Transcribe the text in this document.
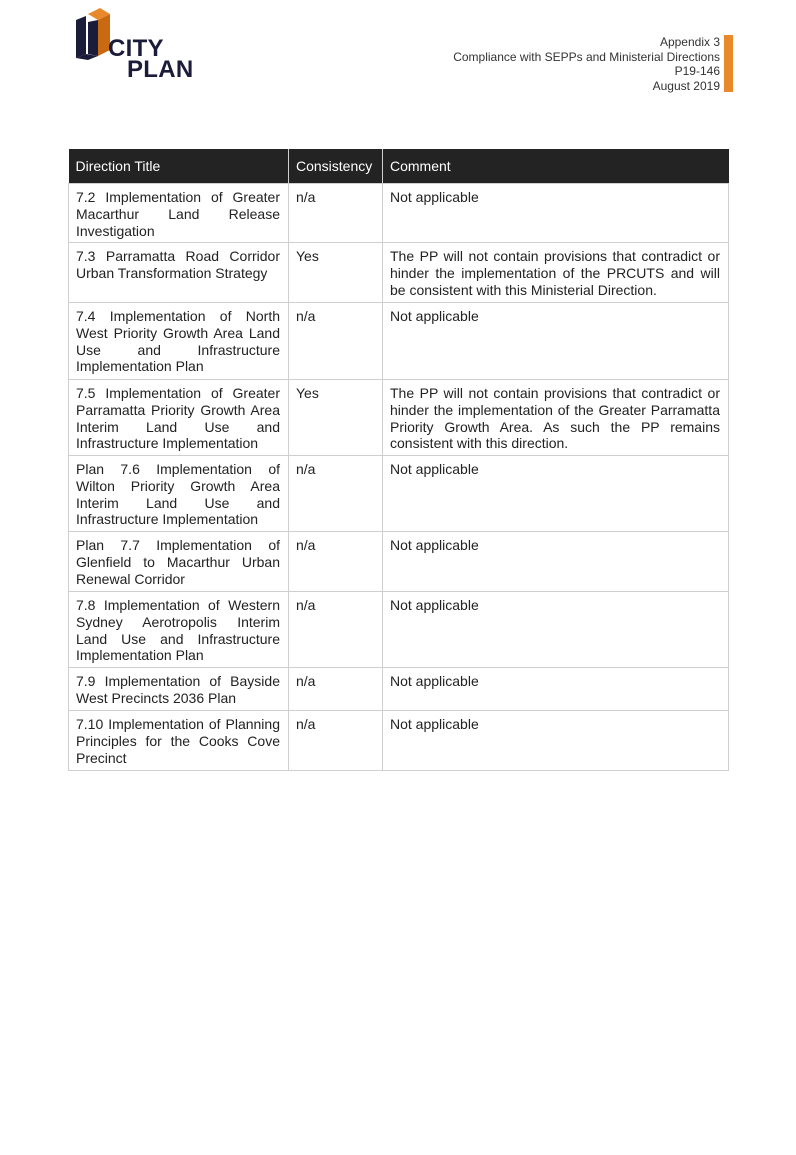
CITY
PLAN
Appendix 3
Compliance with SEPPs and Ministerial Directions
P19-146
August 2019
Direction Title	Consistency	Comment
7.2 Implementation of Greater Macarthur Land Release Investigation	n/a	Not applicable
7.3 Parramatta Road Corridor Urban Transformation Strategy	Yes	The PP will not contain provisions that contradict or hinder the implementation of the PRCUTS and will be consistent with this Ministerial Direction.
7.4 Implementation of North West Priority Growth Area Land Use and Infrastructure Implementation Plan	n/a	Not applicable
7.5 Implementation of Greater Parramatta Priority Growth Area Interim Land Use and Infrastructure Implementation	Yes	The PP will not contain provisions that contradict or hinder the implementation of the Greater Parramatta Priority Growth Area. As such the PP remains consistent with this direction.
Plan 7.6 Implementation of Wilton Priority Growth Area Interim Land Use and Infrastructure Implementation	n/a	Not applicable
Plan 7.7 Implementation of Glenfield to Macarthur Urban Renewal Corridor	n/a	Not applicable
7.8 Implementation of Western Sydney Aerotropolis Interim Land Use and Infrastructure Implementation Plan	n/a	Not applicable
7.9 Implementation of Bayside West Precincts 2036 Plan	n/a	Not applicable
7.10 Implementation of Planning Principles for the Cooks Cove Precinct	n/a	Not applicable
